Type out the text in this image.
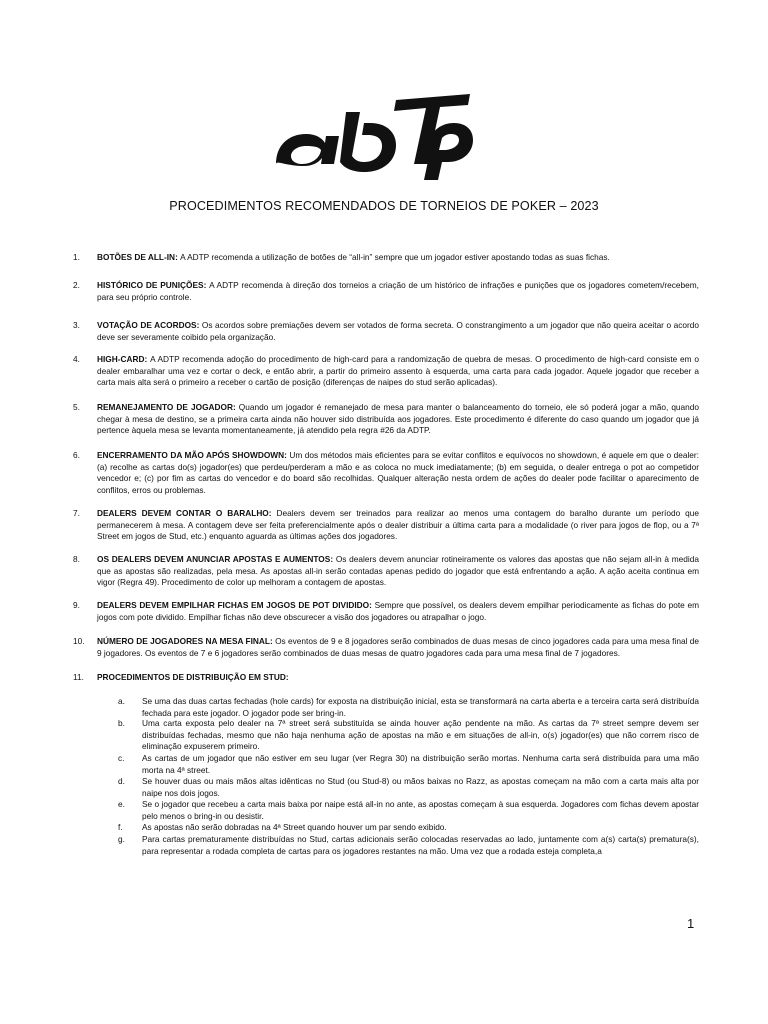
PROCEDIMENTOS RECOMENDADOS DE TORNEIOS DE POKER – 2023
1.	BOTÕES DE ALL-IN: A ADTP recomenda a utilização de botões de “all-in” sempre que um jogador estiver apostando todas as suas fichas.
2.	HISTÓRICO DE PUNIÇÕES: A ADTP recomenda à direção dos torneios a criação de um histórico de infrações e punições que os jogadores cometem/recebem, para seu próprio controle.
3.	VOTAÇÃO DE ACORDOS: Os acordos sobre premiações devem ser votados de forma secreta. O constrangimento a um jogador que não queira aceitar o acordo deve ser severamente coibido pela organização.
4.	HIGH-CARD: A ADTP recomenda adoção do procedimento de high-card para a randomização de quebra de mesas. O procedimento de high-card consiste em o dealer embaralhar uma vez e cortar o deck, e então abrir, a partir do primeiro assento à esquerda, uma carta para cada jogador. Aquele jogador que receber a carta mais alta será o primeiro a receber o cartão de posição (diferenças de naipes do stud serão aplicadas).
5.	REMANEJAMENTO DE JOGADOR: Quando um jogador é remanejado de mesa para manter o balanceamento do torneio, ele só poderá jogar a mão, quando chegar à mesa de destino, se a primeira carta ainda não houver sido distribuída aos jogadores. Este procedimento é diferente do caso quando um jogador que já pertence àquela mesa se levanta momentaneamente, já atendido pela regra #26 da ADTP.
6.	ENCERRAMENTO DA MÃO APÓS SHOWDOWN: Um dos métodos mais eficientes para se evitar conflitos e equívocos no showdown, é aquele em que o dealer: (a) recolhe as cartas do(s) jogador(es) que perdeu/perderam a mão e as coloca no muck imediatamente; (b) em seguida, o dealer entrega o pot ao competidor vencedor e; (c) por fim as cartas do vencedor e do board são recolhidas. Qualquer alteração nesta ordem de ações do dealer pode facilitar o aparecimento de conflitos, erros ou problemas.
7.	DEALERS DEVEM CONTAR O BARALHO: Dealers devem ser treinados para realizar ao menos uma contagem do baralho durante um período que permanecerem à mesa. A contagem deve ser feita preferencialmente após o dealer distribuir a última carta para a modalidade (o river para jogos de flop, ou a 7ª Street em jogos de Stud, etc.) enquanto aguarda as últimas ações dos jogadores.
8.	OS DEALERS DEVEM ANUNCIAR APOSTAS E AUMENTOS: Os dealers devem anunciar rotineiramente os valores das apostas que não sejam all-in à medida que as apostas são realizadas, pela mesa. As apostas all-in serão contadas apenas pedido do jogador que está enfrentando a ação. A ação aceita continua em vigor (Regra 49). Procedimento de color up melhoram a contagem de apostas.
9.	DEALERS DEVEM EMPILHAR FICHAS EM JOGOS DE POT DIVIDIDO: Sempre que possível, os dealers devem empilhar periodicamente as fichas do pote em jogos com pote dividido. Empilhar fichas não deve obscurecer a visão dos jogadores ou atrapalhar o jogo.
10.	NÚMERO DE JOGADORES NA MESA FINAL: Os eventos de 9 e 8 jogadores serão combinados de duas mesas de cinco jogadores cada para uma mesa final de 9 jogadores. Os eventos de 7 e 6 jogadores serão combinados de duas mesas de quatro jogadores cada para uma mesa final de 7 jogadores.
11.	PROCEDIMENTOS DE DISTRIBUIÇÃO EM STUD:
a. Se uma das duas cartas fechadas (hole cards) for exposta na distribuição inicial, esta se transformará na carta aberta e a terceira carta será distribuída fechada para este jogador. O jogador pode ser bring-in.
b. Uma carta exposta pelo dealer na 7ª street será substituída se ainda houver ação pendente na mão. As cartas da 7ª street sempre devem ser distribuídas fechadas, mesmo que não haja nenhuma ação de apostas na mão e em situações de all-in, o(s) jogador(es) que não correm risco de eliminação expuserem primeiro.
c. As cartas de um jogador que não estiver em seu lugar (ver Regra 30) na distribuição serão mortas. Nenhuma carta será distribuída para uma mão morta na 4ª street.
d. Se houver duas ou mais mãos altas idênticas no Stud (ou Stud-8) ou mãos baixas no Razz, as apostas começam na mão com a carta mais alta por naipe nos dois jogos.
e. Se o jogador que recebeu a carta mais baixa por naipe está all-in no ante, as apostas começam à sua esquerda. Jogadores com fichas devem apostar pelo menos o bring-in ou desistir.
f. As apostas não serão dobradas na 4ª Street quando houver um par sendo exibido.
g. Para cartas prematuramente distribuídas no Stud, cartas adicionais serão colocadas reservadas ao lado, juntamente com a(s) carta(s) prematura(s), para representar a rodada completa de cartas para os jogadores restantes na mão. Uma vez que a rodada esteja completa,a
1
